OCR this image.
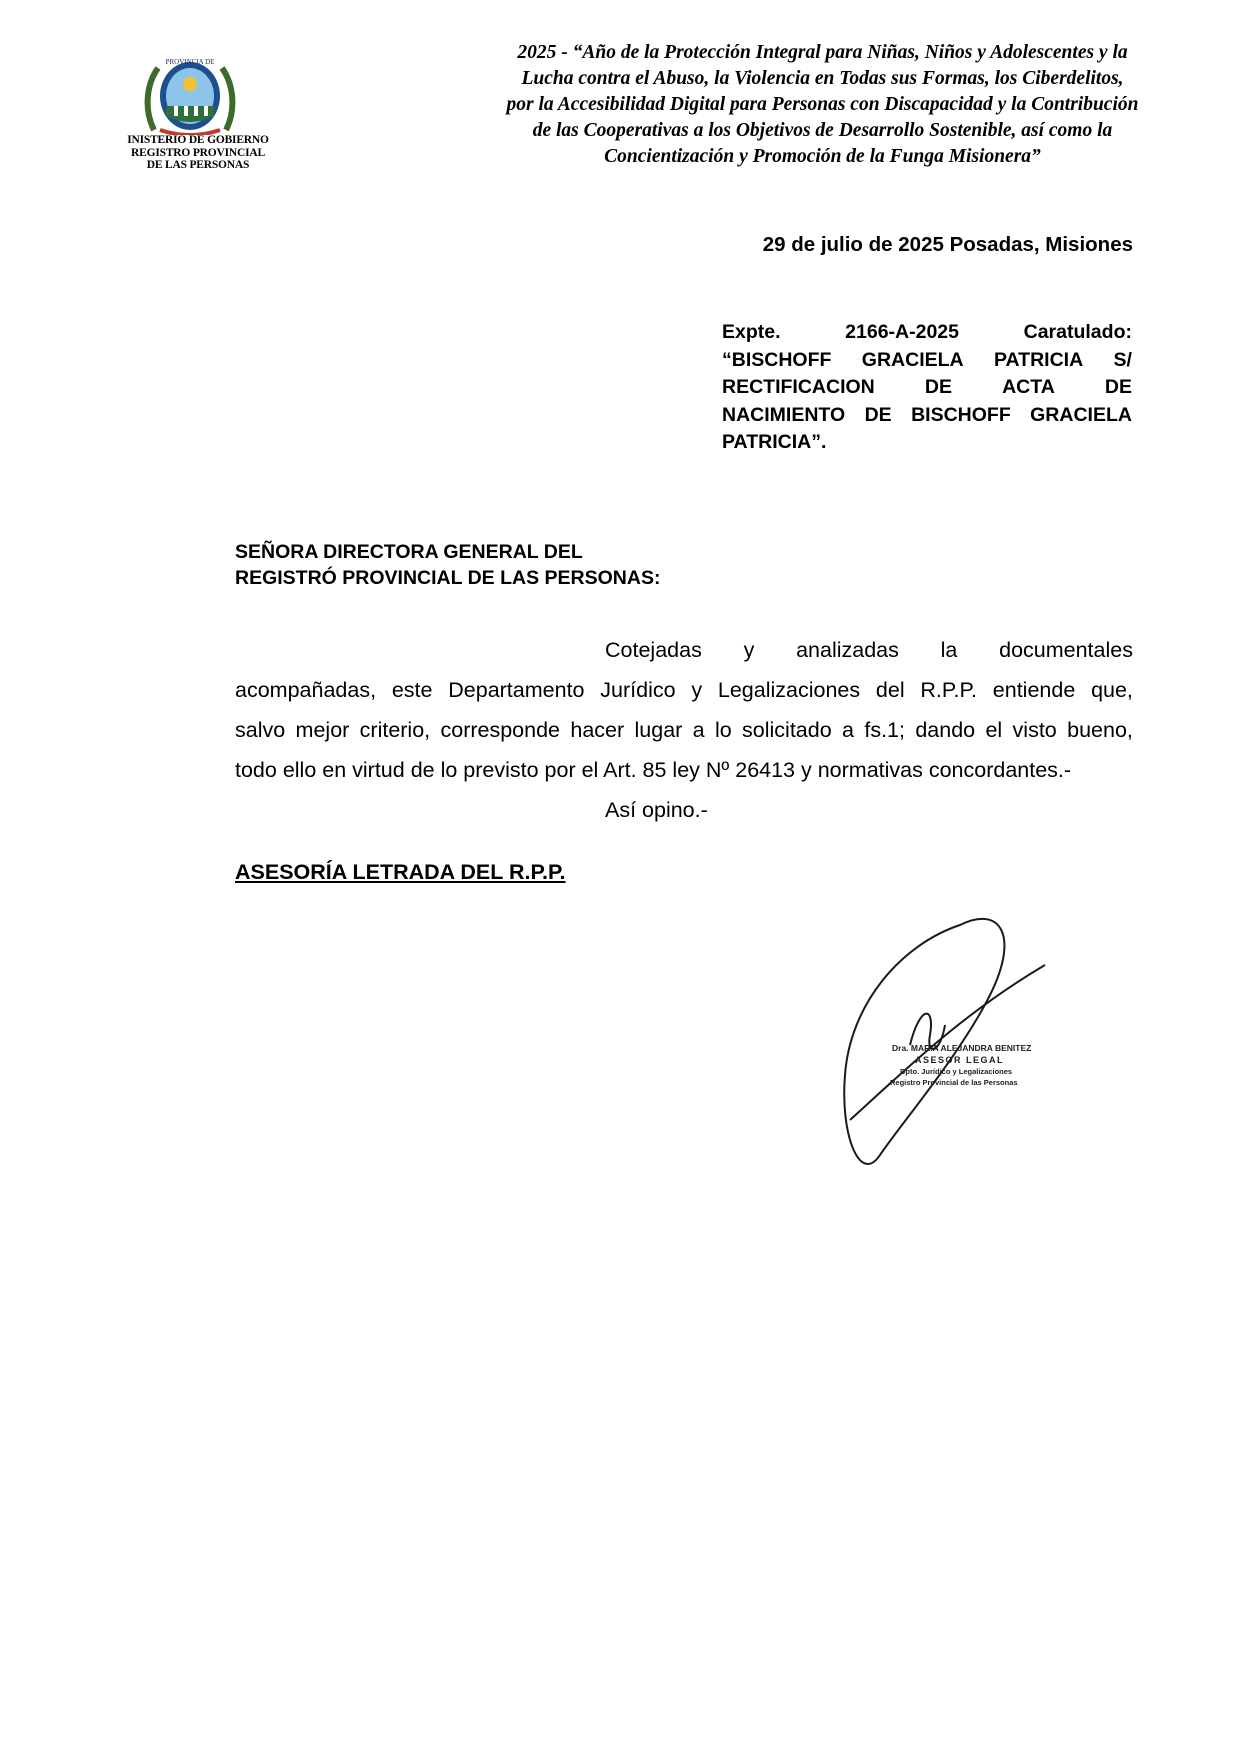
PROVINCIA DE
INISTERIO DE GOBIERNO
REGISTRO PROVINCIAL
DE LAS PERSONAS
2025 - “Año de la Protección Integral para Niñas, Niños y Adolescentes y la
Lucha contra el Abuso, la Violencia en Todas sus Formas, los Ciberdelitos,
por la Accesibilidad Digital para Personas con Discapacidad y la Contribución
de las Cooperativas a los Objetivos de Desarrollo Sostenible, así como la
Concientización y Promoción de la Funga Misionera”
29 de julio de 2025 Posadas, Misiones
Expte.	2166-A-2025	Caratulado:
“BISCHOFF GRACIELA PATRICIA S/
RECTIFICACION	DE	ACTA	DE
NACIMIENTO DE BISCHOFF GRACIELA
PATRICIA”.
SEÑORA DIRECTORA GENERAL DEL
REGISTRÓ PROVINCIAL DE LAS PERSONAS:
Cotejadas y analizadas la documentales
acompañadas, este Departamento Jurídico y Legalizaciones del R.P.P. entiende que,
salvo mejor criterio, corresponde hacer lugar a lo solicitado a fs.1; dando el visto bueno,
todo ello en virtud de lo previsto por el Art. 85 ley Nº 26413 y normativas concordantes.-
Así opino.-
ASESORÍA LETRADA DEL R.P.P.
Dra. MARIA ALEJANDRA BENITEZ
ASESOR LEGAL
Dpto. Jurídico y Legalizaciones
Registro Provincial de las Personas
